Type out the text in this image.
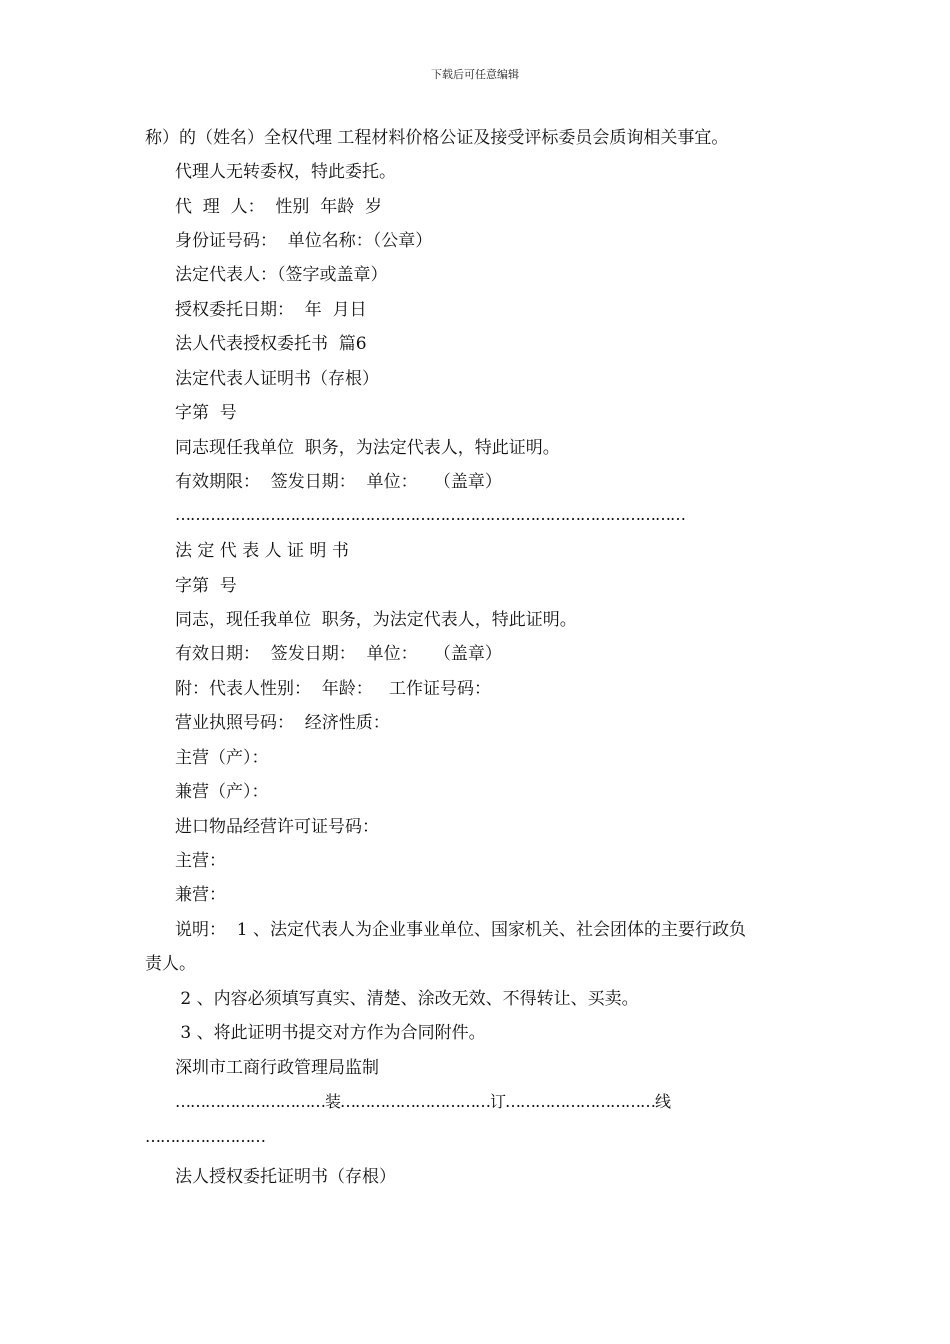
下载后可任意编辑
称）的（姓名）全权代理 工程材料价格公证及接受评标委员会质询相关事宜。
代理人无转委权，特此委托。
代  理  人：  性别  年龄  岁
身份证号码：  单位名称：（公章）
法定代表人：（签字或盖章）
授权委托日期：  年  月日
法人代表授权委托书  篇6
法定代表人证明书（存根）
字第  号
同志现任我单位  职务，为法定代表人，特此证明。
有效期限：  签发日期：  单位：   （盖章）
…………………………………………………………………………………………
法 定 代 表 人 证 明 书
字第  号
同志，现任我单位  职务，为法定代表人，特此证明。
有效日期：  签发日期：  单位：   （盖章）
附：代表人性别：  年龄：   工作证号码：
营业执照号码：  经济性质：
主营（产）：
兼营（产）：
进口物品经营许可证号码：
主营：
兼营：
说明：  1 、法定代表人为企业事业单位、国家机关、社会团体的主要行政负
责人。
2 、内容必须填写真实、清楚、涂改无效、不得转让、买卖。
3 、将此证明书提交对方作为合同附件。
深圳市工商行政管理局监制
…………………………装…………………………订…………………………线
……………………
法人授权委托证明书（存根）
